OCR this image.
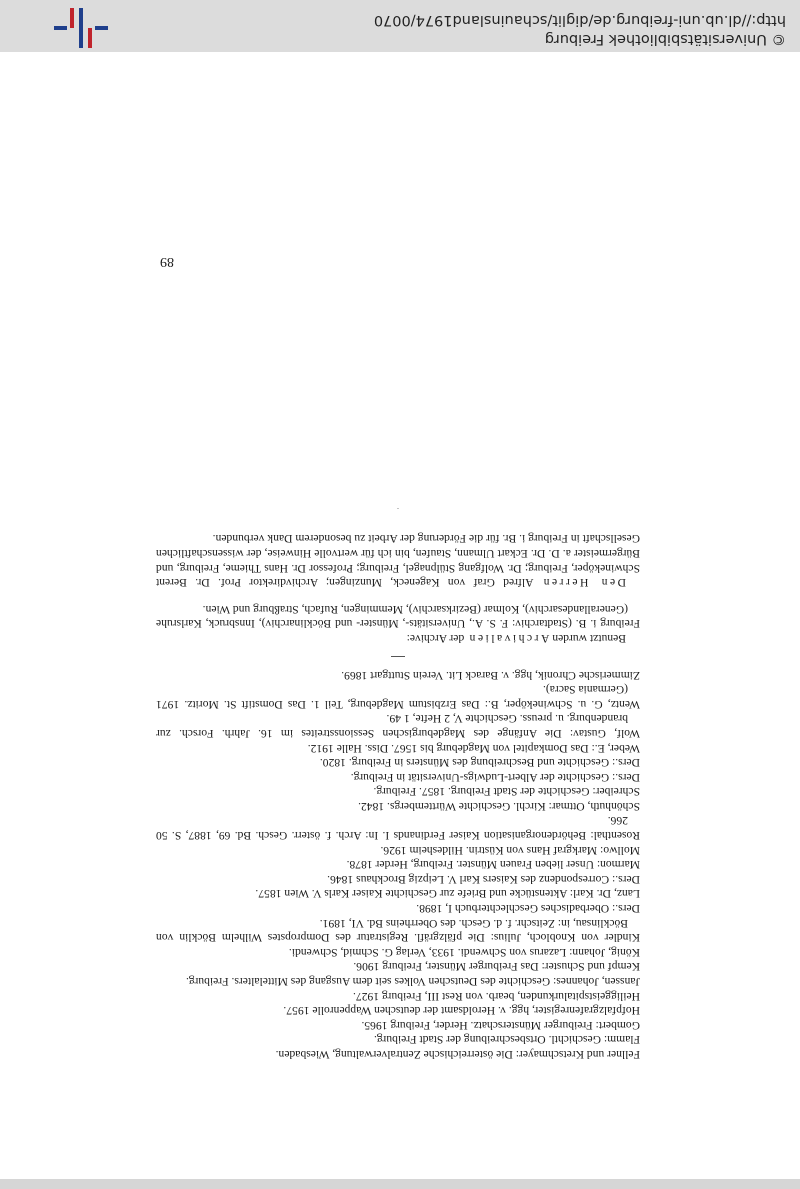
Fellner und Kretschmayer: Die österreichische Zentralverwaltung, Wiesbaden.

Flamm: Geschichtl. Ortsbeschreibung der Stadt Freiburg.

Gombert: Freiburger Münsterschatz. Herder, Freiburg 1965.

Hofpfalzgrafenregister, hgg. v. Heroldsamt der deutschen Wappenrolle 1957.

Heiliggeistspitalurkunden, bearb. von Rest III, Freiburg 1927.

Janssen, Johannes: Geschichte des Deutschen Volkes seit dem Ausgang des Mittelalters. Freiburg.

Kempf und Schuster: Das Freiburger Münster, Freiburg 1906.

König, Johann: Lazarus von Schwendi. 1933, Verlag G. Schmid, Schwendi.

Kindler von Knobloch, Julius: Die pfälzgräfl. Registratur des Dompropstes Wilhelm Böcklin von Böcklinsau, in: Zeitschr. f. d. Gesch. des Oberrheins Bd. VI, 1891.

Ders.: Oberbadisches Geschlechterbuch I, 1898.

Lanz, Dr. Karl: Aktenstücke und Briefe zur Geschichte Kaiser Karls V. Wien 1857.

Ders.: Correspondenz des Kaisers Karl V. Leipzig Brockhaus 1846.

Marmon: Unser lieben Frauen Münster. Freiburg, Herder 1878.

Mollwo: Markgraf Hans von Küstrin. Hildesheim 1926.

Rosenthal: Behördenorganisation Kaiser Ferdinands I. In: Arch. f. österr. Gesch. Bd. 69, 1887, S. 50 266.

Schönhuth, Ottmar: Kirchl. Geschichte Württembergs. 1842.

Schreiber: Geschichte der Stadt Freiburg. 1857. Freiburg.

Ders.: Geschichte der Albert-Ludwigs-Universität in Freiburg.

Ders.: Geschichte und Beschreibung des Münsters in Freiburg. 1820.

Weber, E.: Das Domkapitel von Magdeburg bis 1567. Diss. Halle 1912.

Wolf, Gustav: Die Anfänge des Magdeburgischen Sessionsstreites im 16. Jahrh. Forsch. zur brandenburg. u. preuss. Geschichte V, 2 Hefte, 1 49.

Wentz, G. u. Schwineköper, B.: Das Erzbistum Magdeburg, Teil 1. Das Domstift St. Moritz. 1971 (Germania Sacra).

Zimmerische Chronik, hgg. v. Barack Lit. Verein Stuttgart 1869.

Benutzt wurden Archivalien der Archive:

Freiburg i. B. (Stadtarchiv: F. S. A., Universitäts-, Münster- und Böcklinarchiv), Innsbruck, Karlsruhe (Generallandesarchiv), Kolmar (Bezirksarchiv), Memmingen, Rufach, Straßburg und Wien.

Den Herren Alfred Graf von Kageneck, Munzingen; Archivdirektor Prof. Dr. Berent Schwineköper, Freiburg; Dr. Wolfgang Stülpnagel, Freiburg; Professor Dr. Hans Thieme, Freiburg, und Bürgermeister a. D. Dr. Eckart Ulmann, Staufen, bin ich für wertvolle Hinweise, der wissenschaftlichen Gesellschaft in Freiburg i. Br. für die Förderung der Arbeit zu besonderem Dank verbunden.

.
89
© Universitätsbibliothek Freiburg
http://dl.ub.uni-freiburg.de/diglit/schauinsland1974/0070
